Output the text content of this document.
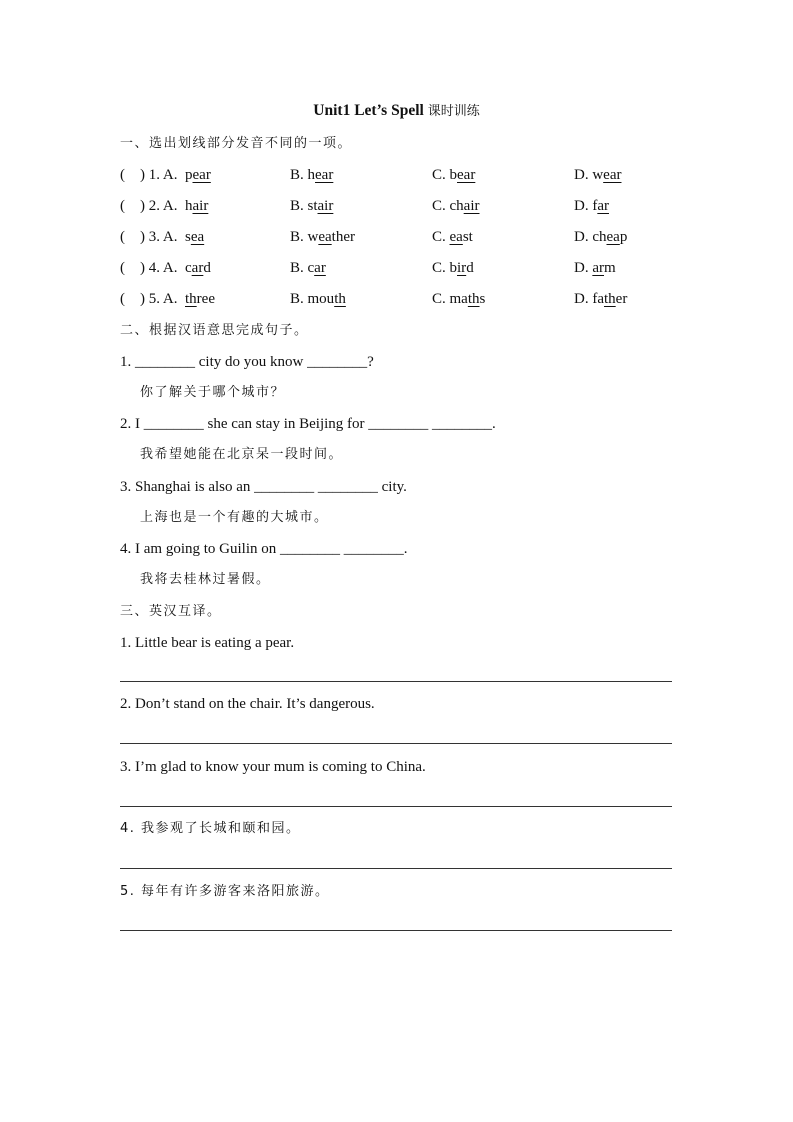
Unit1 Let’s Spell 课时训练
一、选出划线部分发音不同的一项。
(    ) 1. A. pear	B. hear	C. bear	D. wear
(    ) 2. A. hair	B. stair	C. chair	D. far
(    ) 3. A. sea	B. weather	C. east	D. cheap
(    ) 4. A. card	B. car	C. bird	D. arm
(    ) 5. A. three	B. mouth	C. maths	D. father
二、根据汉语意思完成句子。
1. ________ city do you know ________?
你了解关于哪个城市？
2. I ________ she can stay in Beijing for ________ ________.
我希望她能在北京呆一段时间。
3. Shanghai is also an ________ ________ city.
上海也是一个有趣的大城市。
4. I am going to Guilin on ________ ________.
我将去桂林过暑假。
三、英汉互译。
1. Little bear is eating a pear.
2. Don’t stand on the chair. It’s dangerous.
3. I’m glad to know your mum is coming to China.
4. 我参观了长城和颐和园。
5. 每年有许多游客来洛阳旅游。
